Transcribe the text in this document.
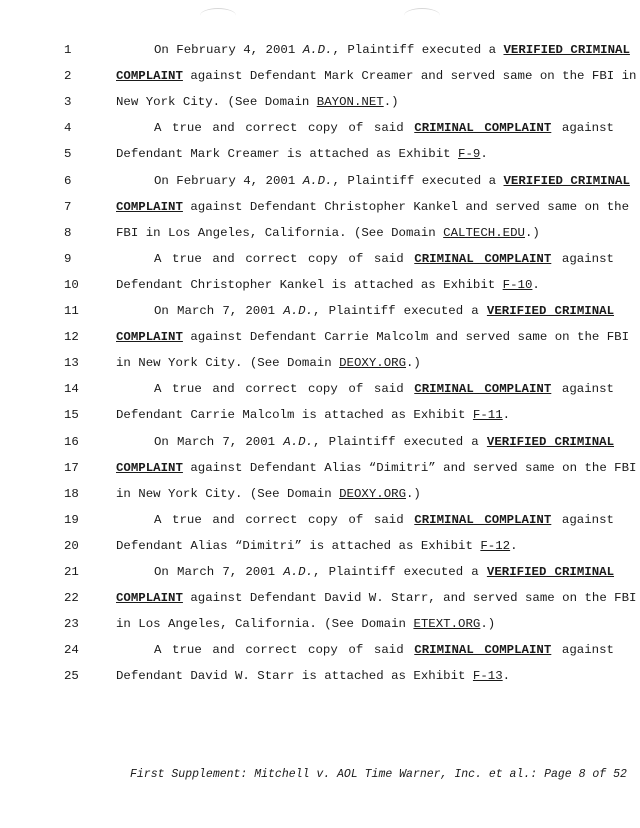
1	On February 4, 2001 A.D., Plaintiff executed a VERIFIED CRIMINAL
2	COMPLAINT against Defendant Mark Creamer and served same on the FBI in
3	New York City. (See Domain BAYON.NET.)
4	A true and correct copy of said CRIMINAL COMPLAINT against
5	Defendant Mark Creamer is attached as Exhibit F-9.
6	On February 4, 2001 A.D., Plaintiff executed a VERIFIED CRIMINAL
7	COMPLAINT against Defendant Christopher Kankel and served same on the
8	FBI in Los Angeles, California. (See Domain CALTECH.EDU.)
9	A true and correct copy of said CRIMINAL COMPLAINT against
10	Defendant Christopher Kankel is attached as Exhibit F-10.
11	On March 7, 2001 A.D., Plaintiff executed a VERIFIED CRIMINAL
12	COMPLAINT against Defendant Carrie Malcolm and served same on the FBI
13	in New York City. (See Domain DEOXY.ORG.)
14	A true and correct copy of said CRIMINAL COMPLAINT against
15	Defendant Carrie Malcolm is attached as Exhibit F-11.
16	On March 7, 2001 A.D., Plaintiff executed a VERIFIED CRIMINAL
17	COMPLAINT against Defendant Alias “Dimitri” and served same on the FBI
18	in New York City. (See Domain DEOXY.ORG.)
19	A true and correct copy of said CRIMINAL COMPLAINT against
20	Defendant Alias “Dimitri” is attached as Exhibit F-12.
21	On March 7, 2001 A.D., Plaintiff executed a VERIFIED CRIMINAL
22	COMPLAINT against Defendant David W. Starr, and served same on the FBI
23	in Los Angeles, California. (See Domain ETEXT.ORG.)
24	A true and correct copy of said CRIMINAL COMPLAINT against
25	Defendant David W. Starr is attached as Exhibit F-13.
First Supplement: Mitchell v. AOL Time Warner, Inc. et al.: Page 8 of 52
